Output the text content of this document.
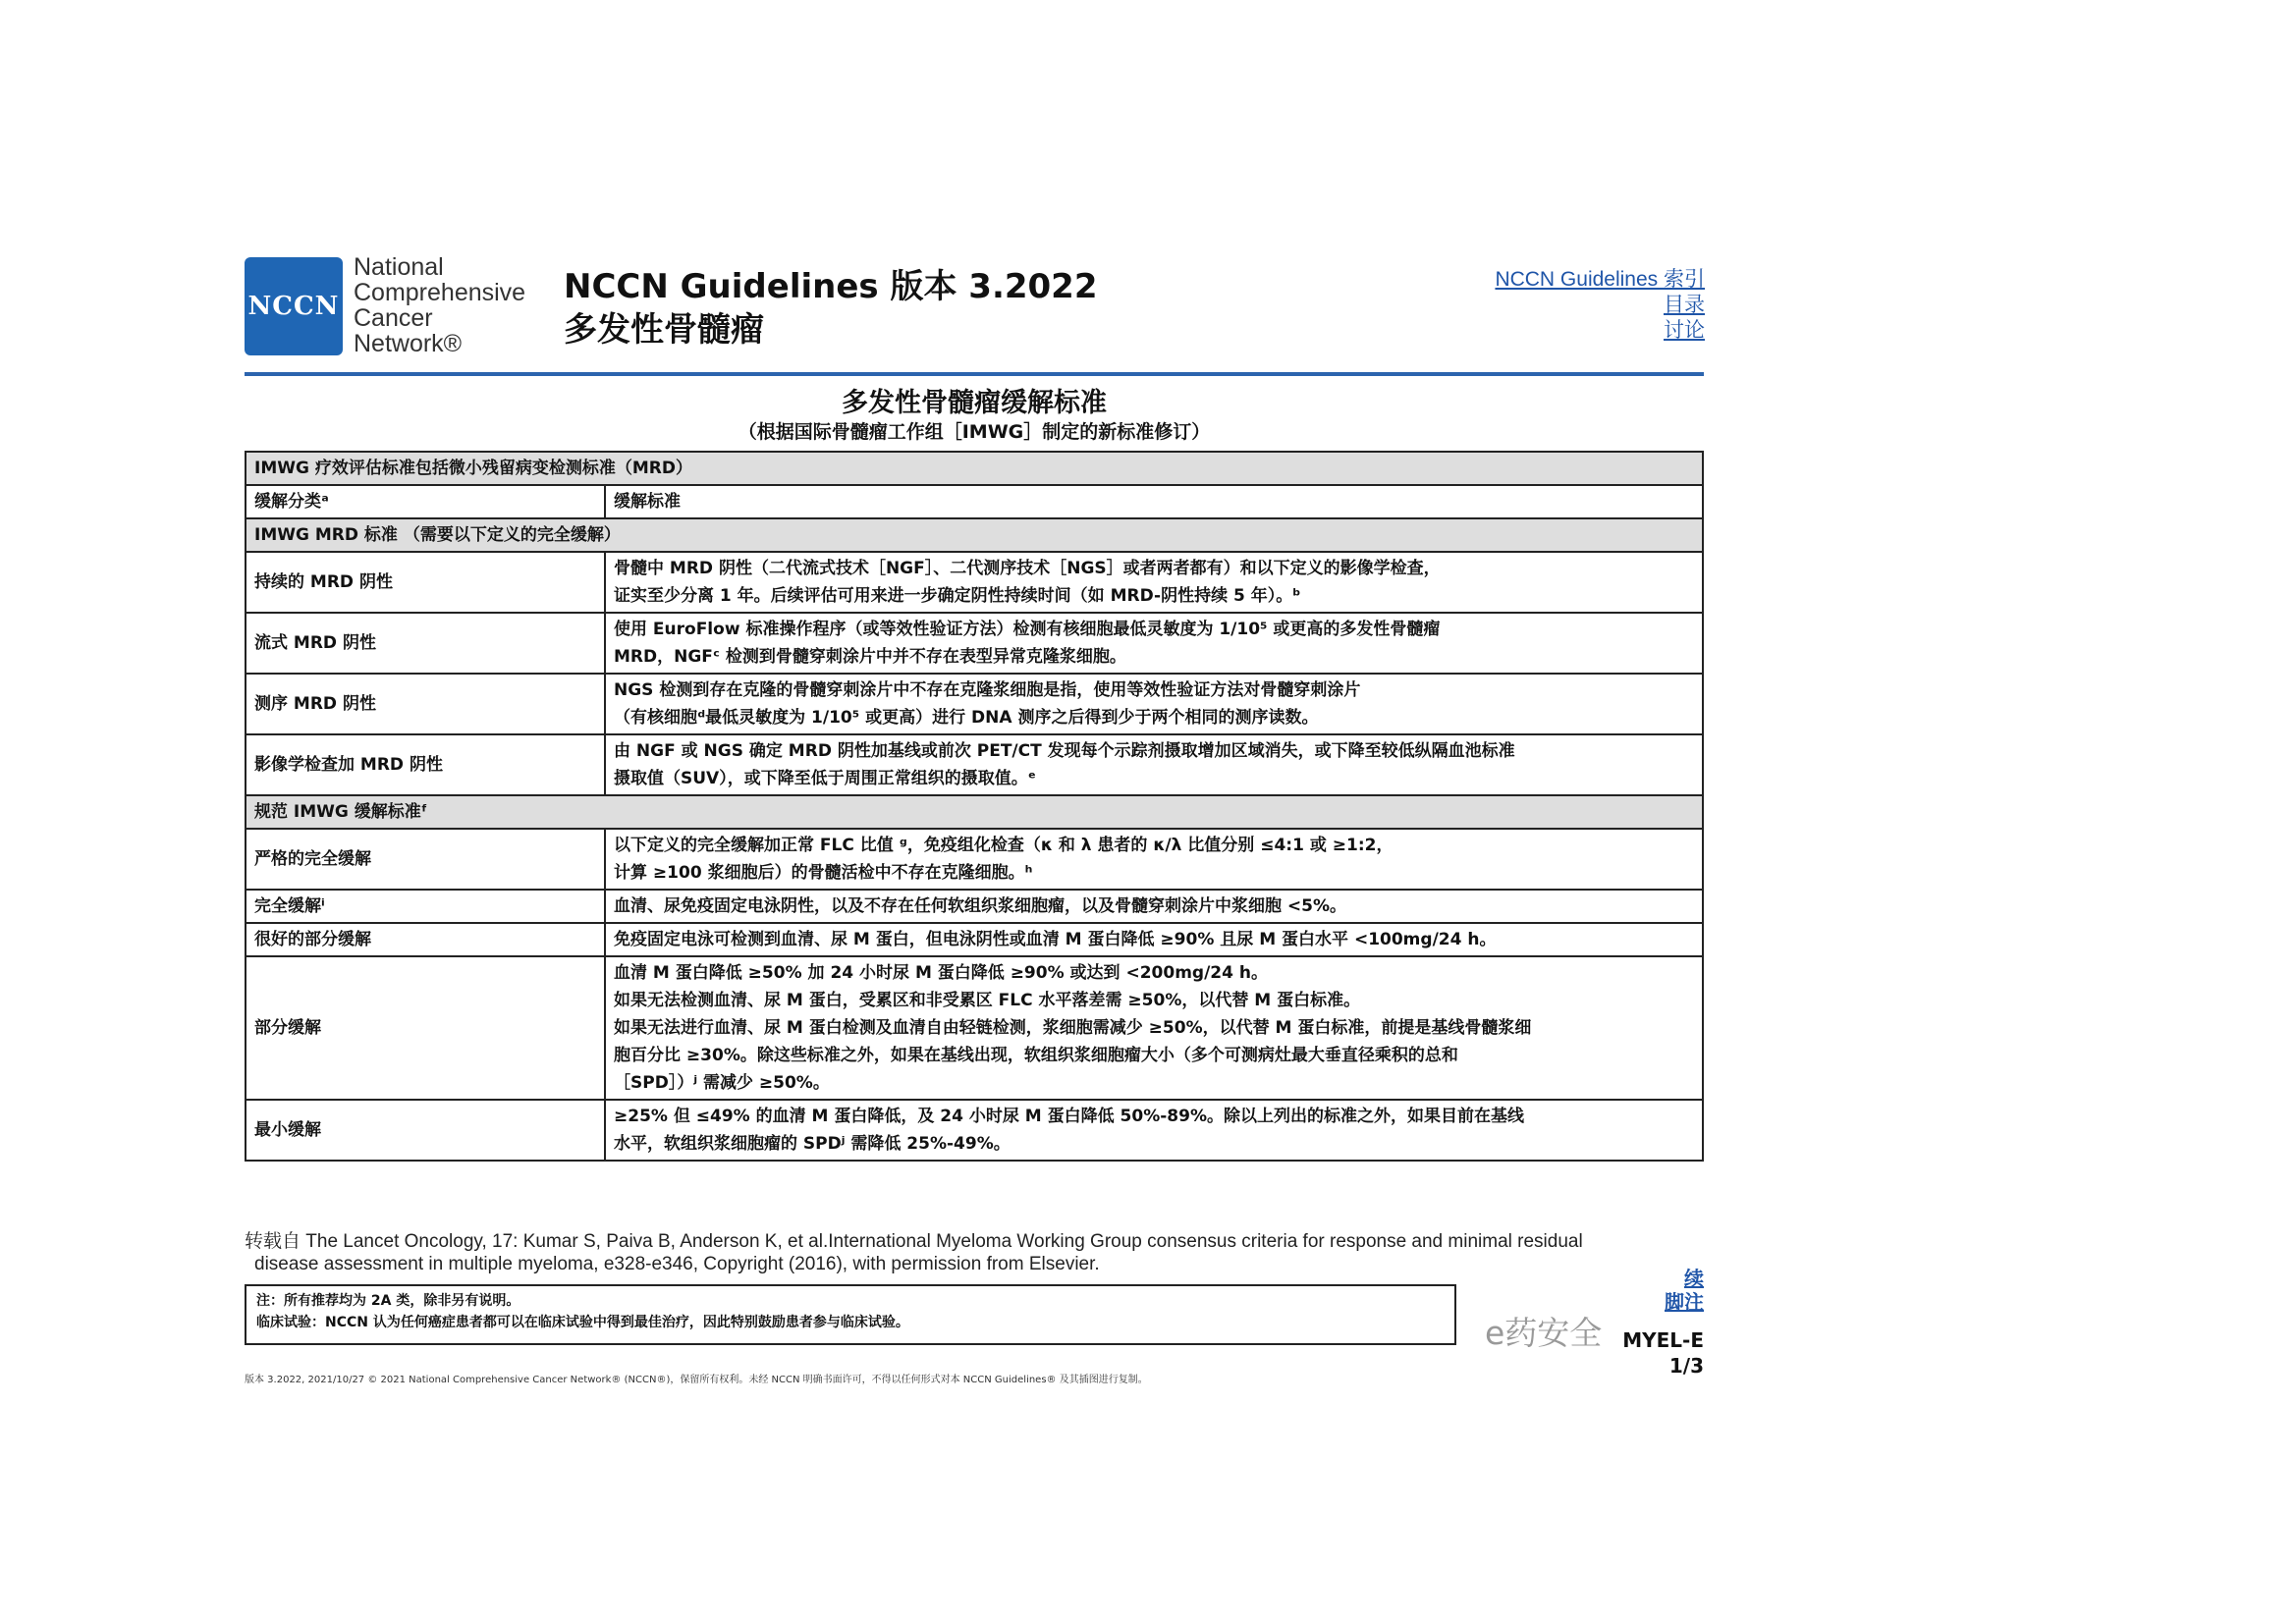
NCCN
National
Comprehensive
Cancer
Network®
NCCN Guidelines 版本 3.2022
多发性骨髓瘤
NCCN Guidelines 索引
目录
讨论
多发性骨髓瘤缓解标准
（根据国际骨髓瘤工作组［IMWG］制定的新标准修订）
IMWG 疗效评估标准包括微小残留病变检测标准（MRD）	
缓解分类ᵃ	缓解标准
IMWG MRD 标准 （需要以下定义的完全缓解）	
持续的 MRD 阴性	骨髓中 MRD 阴性（二代流式技术［NGF］、二代测序技术［NGS］或者两者都有）和以下定义的影像学检查，
证实至少分离 1 年。后续评估可用来进一步确定阴性持续时间（如 MRD-阴性持续 5 年）。ᵇ

流式 MRD 阴性	使用 EuroFlow 标准操作程序（或等效性验证方法）检测有核细胞最低灵敏度为 1/10⁵ 或更高的多发性骨髓瘤
MRD，NGFᶜ 检测到骨髓穿刺涂片中并不存在表型异常克隆浆细胞。

测序 MRD 阴性	NGS 检测到存在克隆的骨髓穿刺涂片中不存在克隆浆细胞是指，使用等效性验证方法对骨髓穿刺涂片
（有核细胞ᵈ最低灵敏度为 1/10⁵ 或更高）进行 DNA 测序之后得到少于两个相同的测序读数。

影像学检查加 MRD 阴性	由 NGF 或 NGS 确定 MRD 阴性加基线或前次 PET/CT 发现每个示踪剂摄取增加区域消失，或下降至较低纵隔血池标准
摄取值（SUV），或下降至低于周围正常组织的摄取值。ᵉ

规范 IMWG 缓解标准ᶠ	
严格的完全缓解	以下定义的完全缓解加正常 FLC 比值 ᵍ，免疫组化检查（κ 和 λ 患者的 κ/λ 比值分别 ≤4:1 或 ≥1:2，
计算 ≥100 浆细胞后）的骨髓活检中不存在克隆细胞。ʰ

完全缓解ⁱ	血清、尿免疫固定电泳阴性，以及不存在任何软组织浆细胞瘤，以及骨髓穿刺涂片中浆细胞 <5%。

很好的部分缓解	免疫固定电泳可检测到血清、尿 M 蛋白，但电泳阴性或血清 M 蛋白降低 ≥90% 且尿 M 蛋白水平 <100mg/24 h。

部分缓解	血清 M 蛋白降低 ≥50% 加 24 小时尿 M 蛋白降低 ≥90% 或达到 <200mg/24 h。
如果无法检测血清、尿 M 蛋白，受累区和非受累区 FLC 水平落差需 ≥50%，以代替 M 蛋白标准。
如果无法进行血清、尿 M 蛋白检测及血清自由轻链检测，浆细胞需减少 ≥50%，以代替 M 蛋白标准，前提是基线骨髓浆细
胞百分比 ≥30%。除这些标准之外，如果在基线出现，软组织浆细胞瘤大小（多个可测病灶最大垂直径乘积的总和
［SPD］）ʲ 需减少 ≥50%。

最小缓解	≥25% 但 ≤49% 的血清 M 蛋白降低，及 24 小时尿 M 蛋白降低 50%-89%。除以上列出的标准之外，如果目前在基线
水平，软组织浆细胞瘤的 SPDʲ 需降低 25%-49%。
转载自 The Lancet Oncology, 17: Kumar S, Paiva B, Anderson K, et al.International Myeloma Working Group consensus criteria for response and minimal residual
disease assessment in multiple myeloma, e328-e346, Copyright (2016), with permission from Elsevier.
注：所有推荐均为 2A 类，除非另有说明。
临床试验：NCCN 认为任何癌症患者都可以在临床试验中得到最佳治疗，因此特别鼓励患者参与临床试验。
续
脚注
e药安全 MYEL-E
1/3
版本 3.2022, 2021/10/27 © 2021 National Comprehensive Cancer Network® (NCCN®)，保留所有权利。未经 NCCN 明确书面许可，不得以任何形式对本 NCCN Guidelines® 及其插图进行复制。
